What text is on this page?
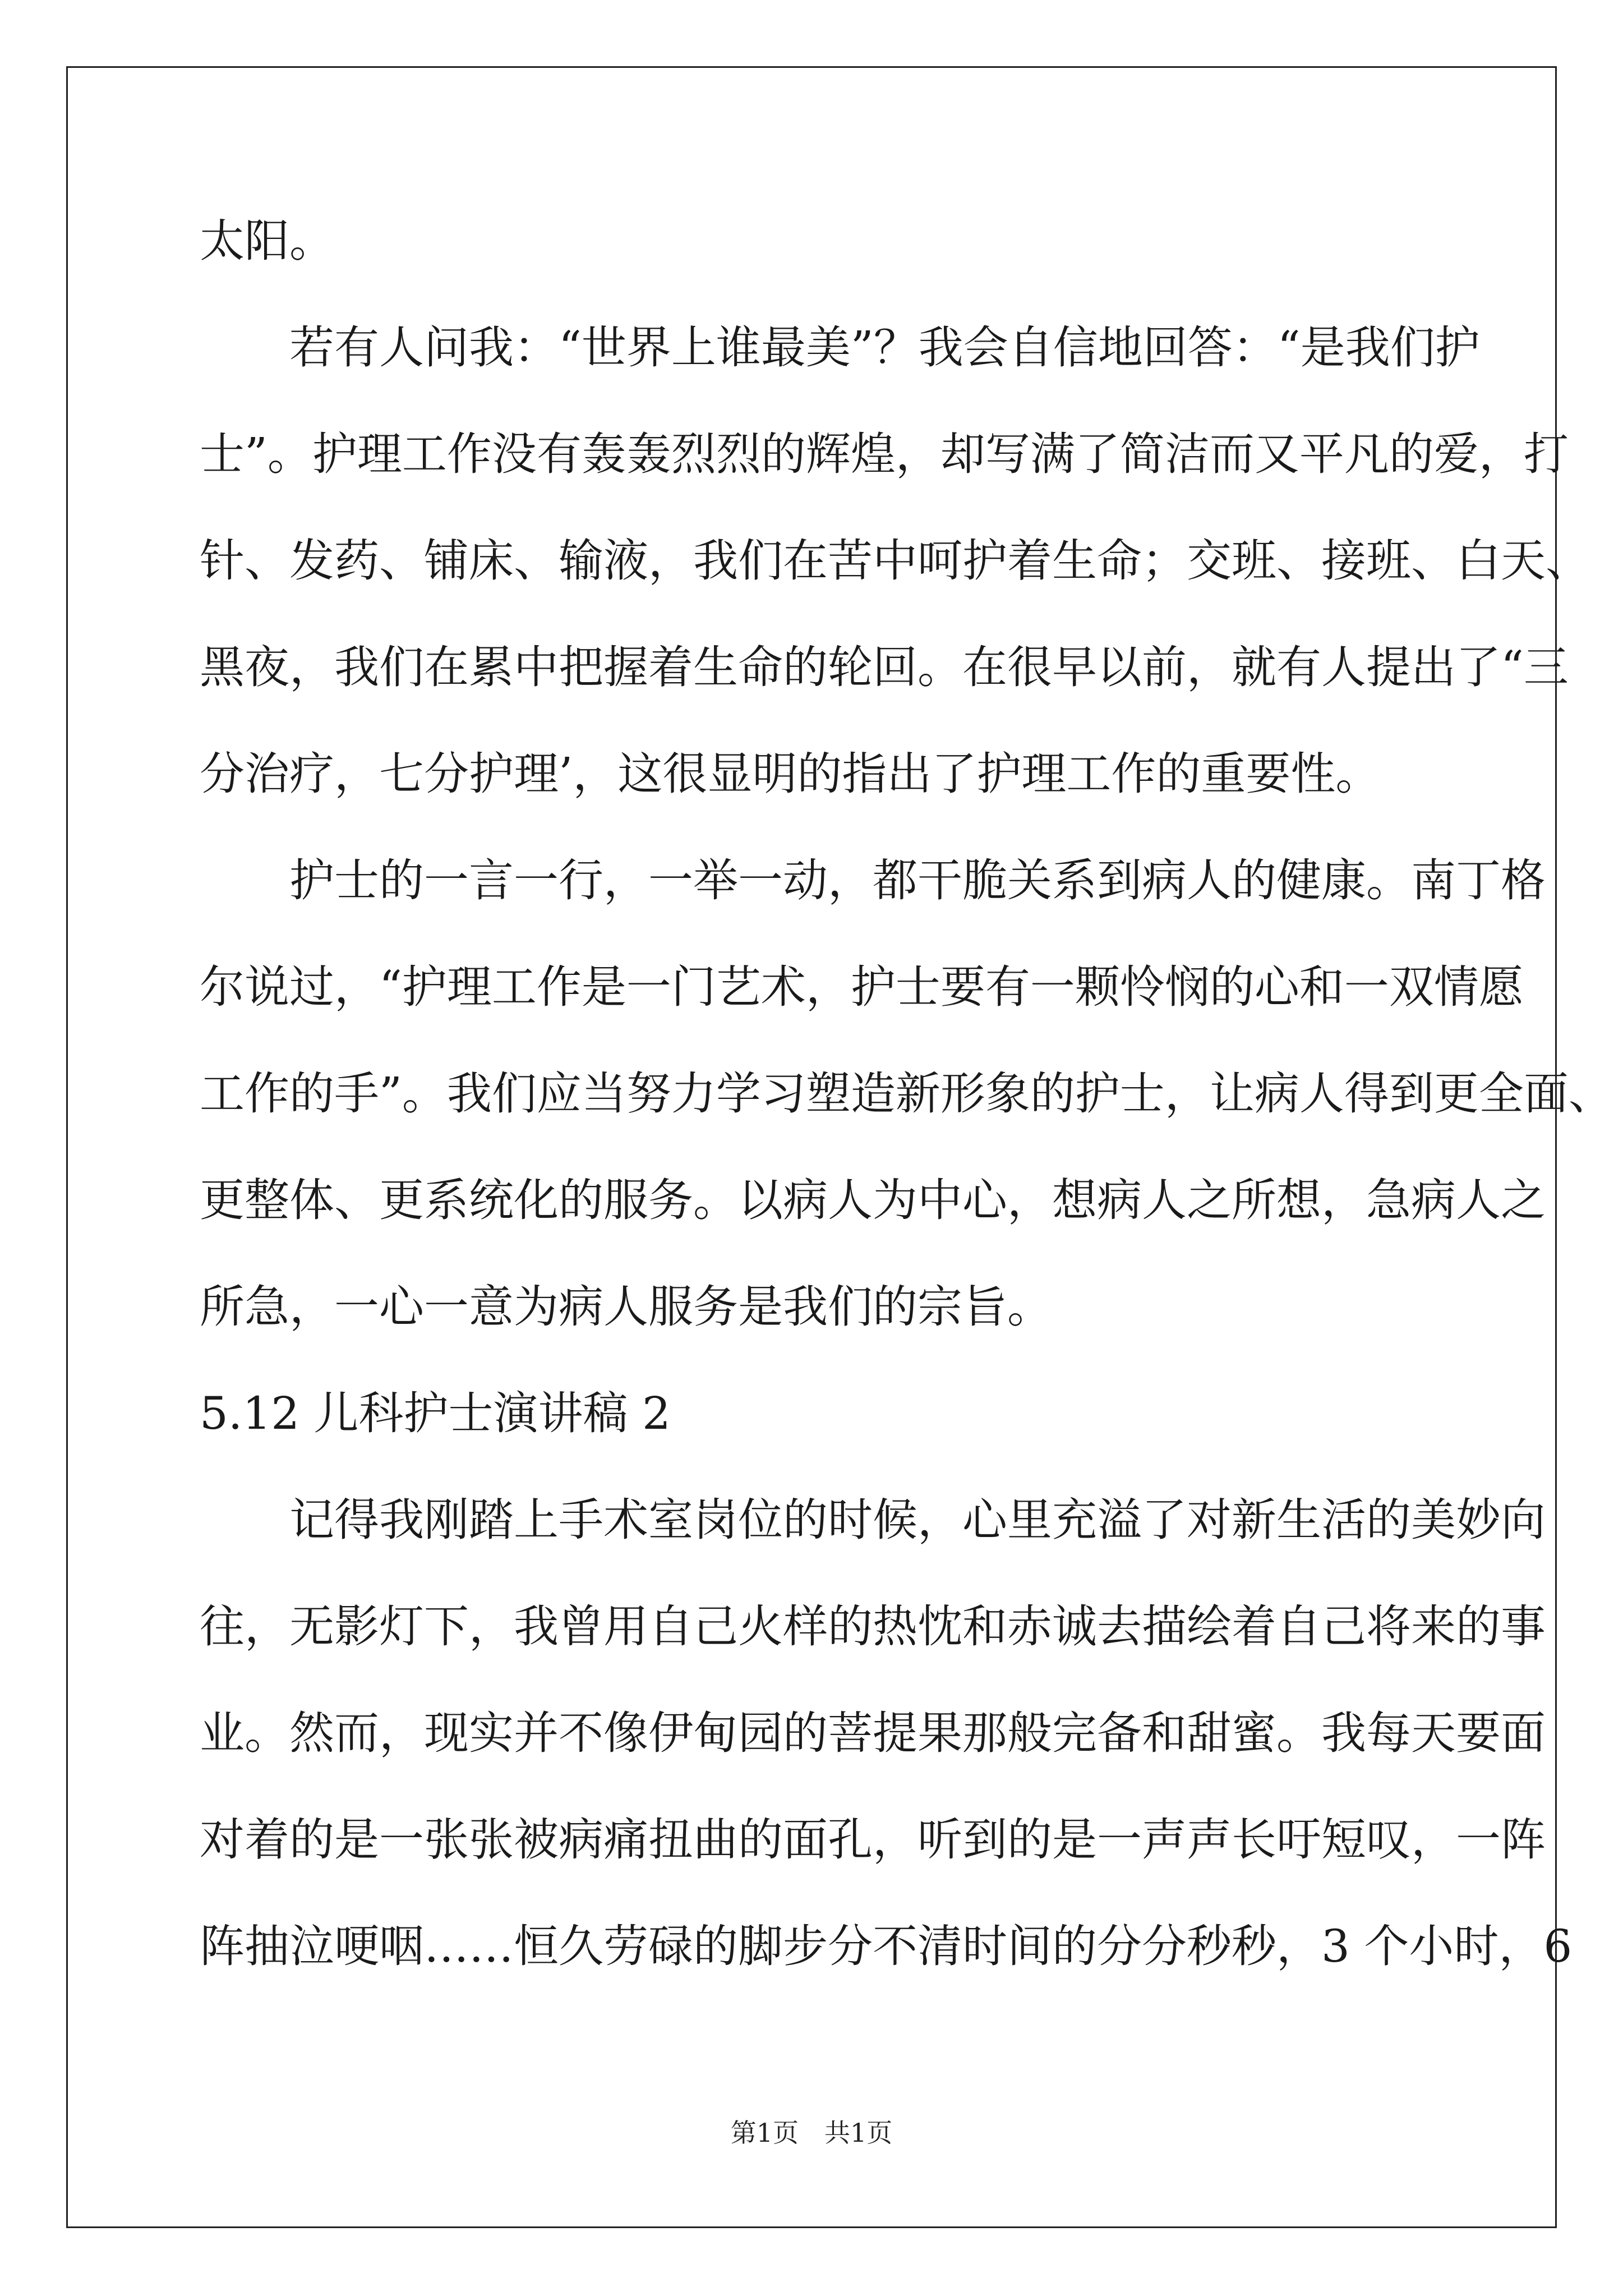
太阳。
　　若有人问我：“世界上谁最美”？我会自信地回答：“是我们护
士”。护理工作没有轰轰烈烈的辉煌，却写满了简洁而又平凡的爱，打
针、发药、铺床、输液，我们在苦中呵护着生命；交班、接班、白天、
黑夜，我们在累中把握着生命的轮回。在很早以前，就有人提出了“三
分治疗，七分护理’，这很显明的指出了护理工作的重要性。
　　护士的一言一行，一举一动，都干脆关系到病人的健康。南丁格
尔说过，“护理工作是一门艺术，护士要有一颗怜悯的心和一双情愿
工作的手”。我们应当努力学习塑造新形象的护士，让病人得到更全面、
更整体、更系统化的服务。以病人为中心，想病人之所想，急病人之
所急，一心一意为病人服务是我们的宗旨。
5.12 儿科护士演讲稿 2
　　记得我刚踏上手术室岗位的时候，心里充溢了对新生活的美妙向
往，无影灯下，我曾用自己火样的热忱和赤诚去描绘着自己将来的事
业。然而，现实并不像伊甸园的菩提果那般完备和甜蜜。我每天要面
对着的是一张张被病痛扭曲的面孔，听到的是一声声长吁短叹，一阵
阵抽泣哽咽……恒久劳碌的脚步分不清时间的分分秒秒，3 个小时，6
第1页 共1页
